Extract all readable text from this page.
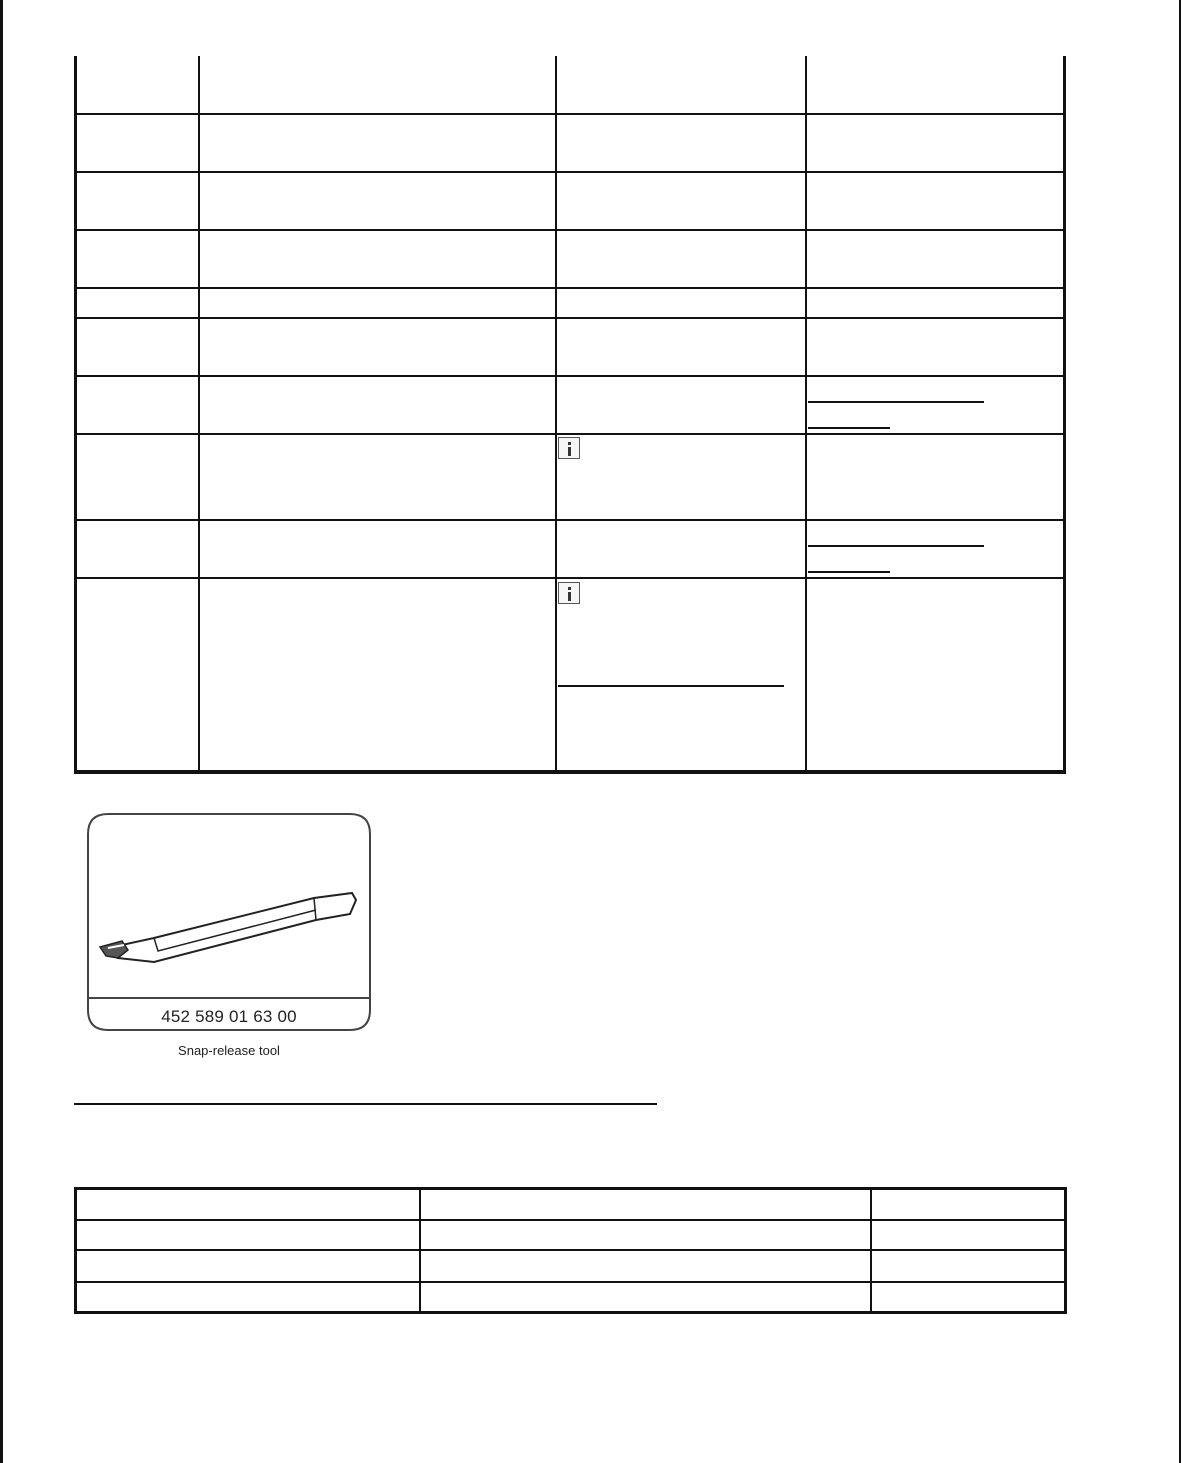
452 589 01 63 00
Snap-release tool
